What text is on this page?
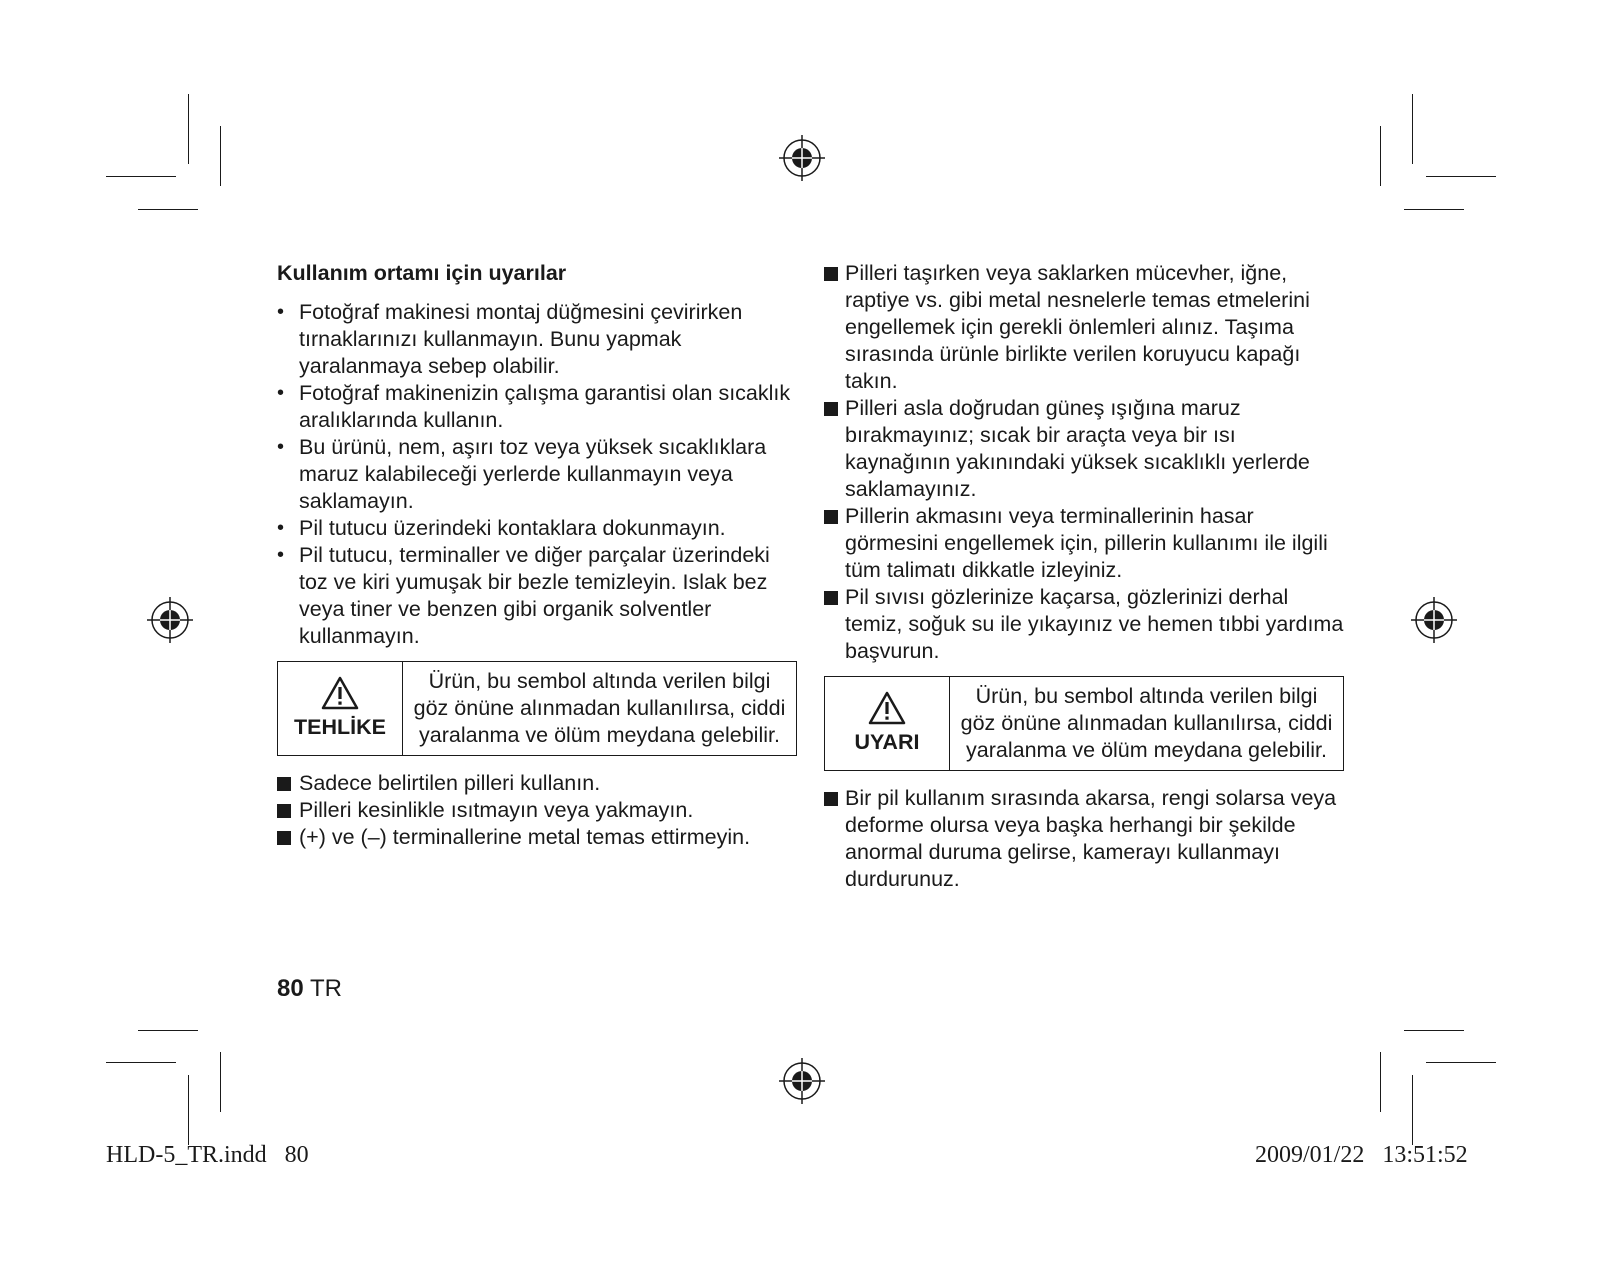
Kullanım ortamı için uyarılar
• Fotoğraf makinesi montaj düğmesini çevirirken tırnaklarınızı kullanmayın. Bunu yapmak yaralanmaya sebep olabilir.
• Fotoğraf makinenizin çalışma garantisi olan sıcaklık aralıklarında kullanın.
• Bu ürünü, nem, aşırı toz veya yüksek sıcaklıklara maruz kalabileceği yerlerde kullanmayın veya saklamayın.
• Pil tutucu üzerindeki kontaklara dokunmayın.
• Pil tutucu, terminaller ve diğer parçalar üzerindeki toz ve kiri yumuşak bir bezle temizleyin. Islak bez veya tiner ve benzen gibi organik solventler kullanmayın.
TEHLİKE
Ürün, bu sembol altında verilen bilgi göz önüne alınmadan kullanılırsa, ciddi yaralanma ve ölüm meydana gelebilir.
Sadece belirtilen pilleri kullanın.
Pilleri kesinlikle ısıtmayın veya yakmayın.
(+) ve (–) terminallerine metal temas ettirmeyin.
Pilleri taşırken veya saklarken mücevher, iğne, raptiye vs. gibi metal nesnelerle temas etmelerini engellemek için gerekli önlemleri alınız. Taşıma sırasında ürünle birlikte verilen koruyucu kapağı takın.
Pilleri asla doğrudan güneş ışığına maruz bırakmayınız; sıcak bir araçta veya bir ısı kaynağının yakınındaki yüksek sıcaklıklı yerlerde saklamayınız.
Pillerin akmasını veya terminallerinin hasar görmesini engellemek için, pillerin kullanımı ile ilgili tüm talimatı dikkatle izleyiniz.
Pil sıvısı gözlerinize kaçarsa, gözlerinizi derhal temiz, soğuk su ile yıkayınız ve hemen tıbbi yardıma başvurun.
UYARI
Ürün, bu sembol altında verilen bilgi göz önüne alınmadan kullanılırsa, ciddi yaralanma ve ölüm meydana gelebilir.
Bir pil kullanım sırasında akarsa, rengi solarsa veya deforme olursa veya başka herhangi bir şekilde anormal duruma gelirse, kamerayı kullanmayı durdurunuz.
80 TR
HLD-5_TR.indd 80	2009/01/22 13:51:52
